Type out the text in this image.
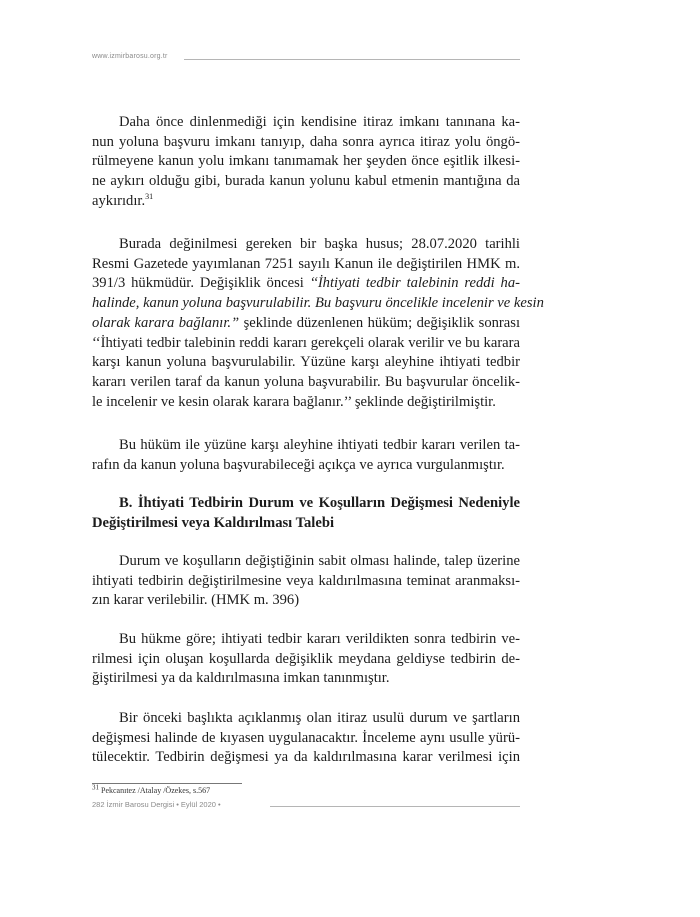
www.izmirbarosu.org.tr

Daha önce dinlenmediği için kendisine itiraz imkanı tanınana ka-
nun yoluna başvuru imkanı tanıyıp, daha sonra ayrıca itiraz yolu öngö-
rülmeyene kanun yolu imkanı tanımamak her şeyden önce eşitlik ilkesi-
ne aykırı olduğu gibi, burada kanun yolunu kabul etmenin mantığına da
aykırıdır.$^{31}$

Burada değinilmesi gereken bir başka husus; 28.07.2020 tarihli
Resmi Gazetede yayımlanan 7251 sayılı Kanun ile değiştirilen HMK m.
391/3 hükmüdür. Değişiklik öncesi ‘‘İhtiyati tedbir talebinin reddi ha-
halinde, kanun yoluna başvurulabilir. Bu başvuru öncelikle incelenir ve kesin
olarak karara bağlanır.” şeklinde düzenlenen hüküm; değişiklik sonrası
‘‘İhtiyati tedbir talebinin reddi kararı gerekçeli olarak verilir ve bu karara
karşı kanun yoluna başvurulabilir. Yüzüne karşı aleyhine ihtiyati tedbir
kararı verilen taraf da kanun yoluna başvurabilir. Bu başvurular öncelik-
le incelenir ve kesin olarak karara bağlanır.’’ şeklinde değiştirilmiştir.

Bu hüküm ile yüzüne karşı aleyhine ihtiyati tedbir kararı verilen ta-
rafın da kanun yoluna başvurabileceği açıkça ve ayrıca vurgulanmıştır.

B. İhtiyati Tedbirin Durum ve Koşulların Değişmesi Nedeniyle
Değiştirilmesi veya Kaldırılması Talebi

Durum ve koşulların değiştiğinin sabit olması halinde, talep üzerine
ihtiyati tedbirin değiştirilmesine veya kaldırılmasına teminat aranmaksı-
zın karar verilebilir. (HMK m. 396)

Bu hükme göre; ihtiyati tedbir kararı verildikten sonra tedbirin ve-
rilmesi için oluşan koşullarda değişiklik meydana geldiyse tedbirin de-
ğiştirilmesi ya da kaldırılmasına imkan tanınmıştır.

Bir önceki başlıkta açıklanmış olan itiraz usulü durum ve şartların
değişmesi halinde de kıyasen uygulanacaktır. İnceleme aynı usulle yürü-
tülecektir. Tedbirin değişmesi ya da kaldırılmasına karar verilmesi için

$^{31}$ Pekcanıtez /Atalay /Özekes, s.567
282 İzmir Barosu Dergisi • Eylül 2020 •
